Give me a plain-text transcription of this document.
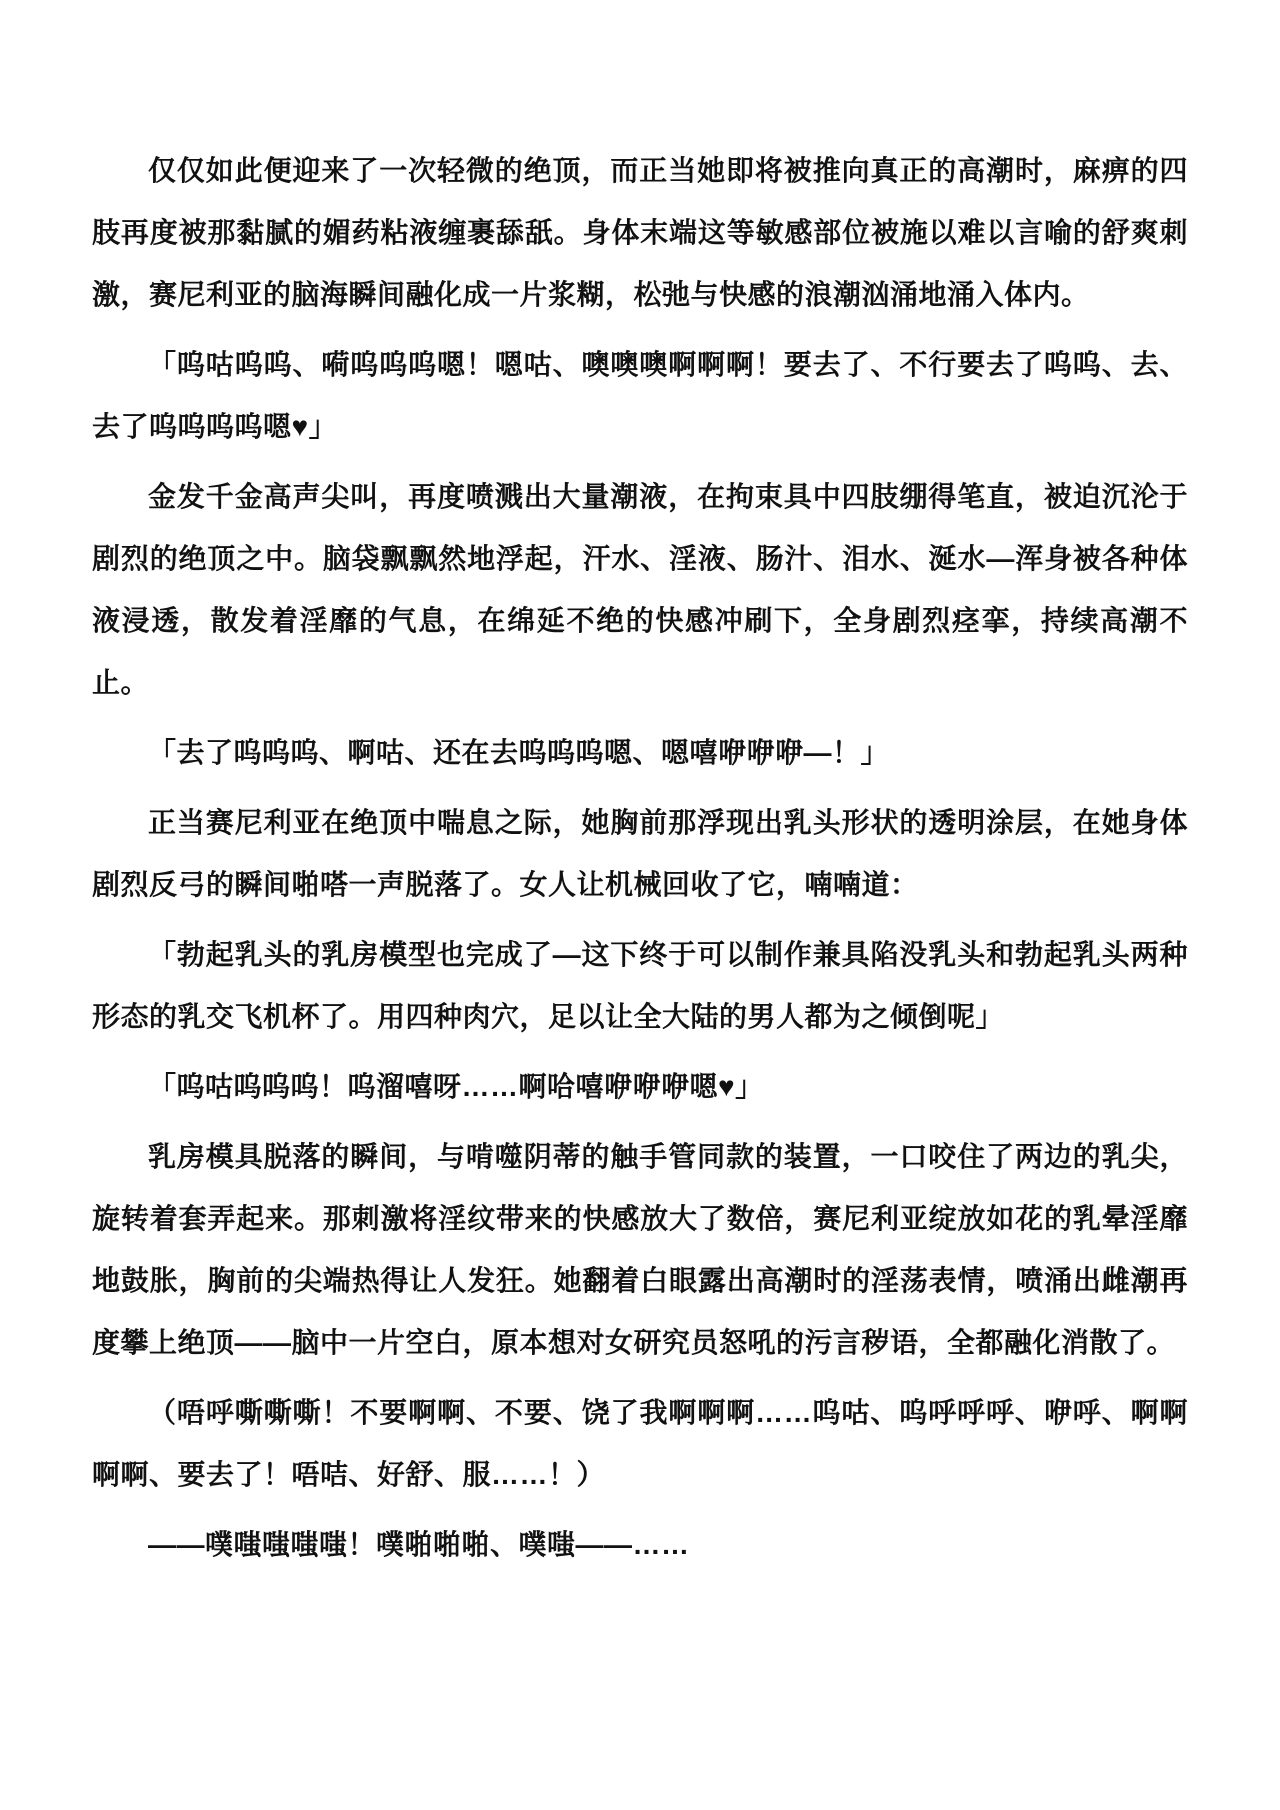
仅仅如此便迎来了一次轻微的绝顶，而正当她即将被推向真正的高潮时，麻痹的四肢再度被那黏腻的媚药粘液缠裹舔舐。身体末端这等敏感部位被施以难以言喻的舒爽刺激，赛尼利亚的脑海瞬间融化成一片浆糊，松弛与快感的浪潮汹涌地涌入体内。

「呜咕呜呜、嗬呜呜呜嗯！嗯咕、噢噢噢啊啊啊！要去了、不行要去了呜呜、去、去了呜呜呜呜嗯♥」

金发千金高声尖叫，再度喷溅出大量潮液，在拘束具中四肢绷得笔直，被迫沉沦于剧烈的绝顶之中。脑袋飘飘然地浮起，汗水、淫液、肠汁、泪水、涎水—浑身被各种体液浸透，散发着淫靡的气息，在绵延不绝的快感冲刷下，全身剧烈痉挛，持续高潮不止。

「去了呜呜呜、啊咕、还在去呜呜呜嗯、嗯嘻咿咿咿—！」

正当赛尼利亚在绝顶中喘息之际，她胸前那浮现出乳头形状的透明涂层，在她身体剧烈反弓的瞬间啪嗒一声脱落了。女人让机械回收了它，喃喃道：

「勃起乳头的乳房模型也完成了—这下终于可以制作兼具陷没乳头和勃起乳头两种形态的乳交飞机杯了。用四种肉穴，足以让全大陆的男人都为之倾倒呢」

「呜咕呜呜呜！呜溜嘻呀……啊哈嘻咿咿咿嗯♥」

乳房模具脱落的瞬间，与啃噬阴蒂的触手管同款的装置，一口咬住了两边的乳尖，旋转着套弄起来。那刺激将淫纹带来的快感放大了数倍，赛尼利亚绽放如花的乳晕淫靡地鼓胀，胸前的尖端热得让人发狂。她翻着白眼露出高潮时的淫荡表情，喷涌出雌潮再度攀上绝顶——脑中一片空白，原本想对女研究员怒吼的污言秽语，全都融化消散了。

（唔呼嘶嘶嘶！不要啊啊、不要、饶了我啊啊啊……呜咕、呜呼呼呼、咿呼、啊啊啊啊、要去了！唔咭、好舒、服……！）

——噗嗤嗤嗤嗤！噗啪啪啪、噗嗤——……
